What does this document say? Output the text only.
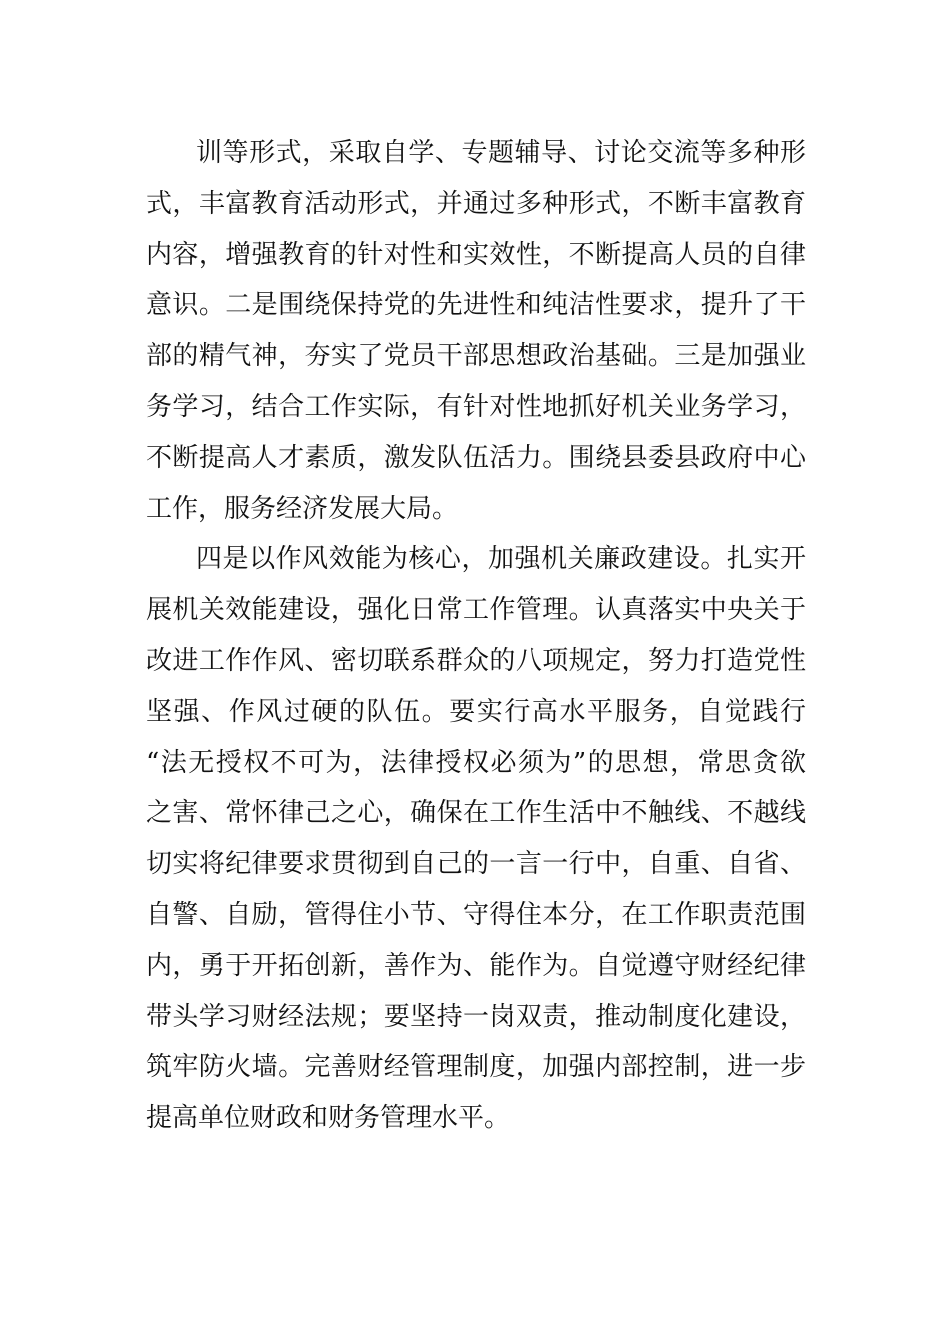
训等形式，采取自学、专题辅导、讨论交流等多种形
式，丰富教育活动形式，并通过多种形式，不断丰富教育
内容，增强教育的针对性和实效性，不断提高人员的自律
意识。二是围绕保持党的先进性和纯洁性要求，提升了干
部的精气神，夯实了党员干部思想政治基础。三是加强业
务学习，结合工作实际，有针对性地抓好机关业务学习，
不断提高人才素质，激发队伍活力。围绕县委县政府中心
工作，服务经济发展大局。
四是以作风效能为核心，加强机关廉政建设。扎实开
展机关效能建设，强化日常工作管理。认真落实中央关于
改进工作作风、密切联系群众的八项规定，努力打造党性
坚强、作风过硬的队伍。要实行高水平服务，自觉践行
“法无授权不可为，法律授权必须为”的思想，常思贪欲
之害、常怀律己之心，确保在工作生活中不触线、不越线
切实将纪律要求贯彻到自己的一言一行中，自重、自省、
自警、自励，管得住小节、守得住本分，在工作职责范围
内，勇于开拓创新，善作为、能作为。自觉遵守财经纪律
带头学习财经法规；要坚持一岗双责，推动制度化建设，
筑牢防火墙。完善财经管理制度，加强内部控制，进一步
提高单位财政和财务管理水平。
